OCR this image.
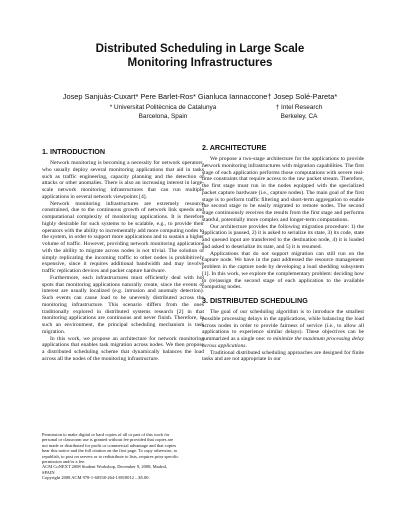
Distributed Scheduling in Large Scale
Monitoring Infrastructures
Josep Sanjuàs-Cuxart* Pere Barlet-Ros* Gianluca Iannaccone† Josep Solé-Pareta*
* Universitat Politècnica de Catalunya
Barcelona, Spain
† Intel Research
Berkeley, CA
1. INTRODUCTION

Network monitoring is becoming a necessity for network operators, who usually deploy several monitoring applications that aid in tasks such as traffic engineering, capacity planning and the detection of attacks or other anomalies. There is also an increasing interest in large-scale network monitoring infrastructures that can run multiple applications in several network viewpoints [4].

Network monitoring infrastructures are extremely resource constrained, due to the continuous growth of network link speeds and computational complexity of monitoring applications. It is therefore highly desirable for such systems to be scalable, e.g., to provide their operators with the ability to incrementally add more computing nodes to the system, in order to support more applications and to sustain a higher volume of traffic. However, providing network monitoring applications with the ability to migrate across nodes is not trivial. The solution of simply replicating the incoming traffic to other nodes is prohibitively expensive, since it requires additional bandwidth and may involve traffic replication devices and packet capture hardware.

Furthermore, each infrastructures must efficiently deal with hot spots that monitoring applications naturally create, since the events of interest are usually localized (e.g. intrusion and anomaly detection). Such events can cause load to be unevenly distributed across the monitoring infrastructure. This scenario differs from the ones traditionally explored in distributed systems research [2] in that monitoring applications are continuous and never finish. Therefore, in such an environment, the principal scheduling mechanism is task migration.

In this work, we propose an architecture for network monitoring applications that enables task migration across nodes. We then propose a distributed scheduling scheme that dynamically balances the load across all the nodes of the monitoring infrastructure.

Permission to make digital or hard copies of all or part of this work for
personal or classroom use is granted without fee provided that copies are
not made or distributed for profit or commercial advantage and that copies
bear this notice and the full citation on the first page. To copy otherwise, to
republish, to post on servers or to redistribute to lists, requires prior specific
permission and/or a fee.
ACM CoNEXT 2008 Student Workshop, December 9, 2008, Madrid,
SPAIN
Copyright 2008 ACM 978-1-60558-264-1/08/0012 ...$5.00.
2. ARCHITECTURE

We propose a two-stage architecture for the applications to provide network monitoring infrastructures with migration capabilities. The first stage of each application performs those computations with severe real-time constraints that require access to the raw packet stream. Therefore, the first stage must run in the nodes equipped with the specialized packet capture hardware (i.e., capture nodes). The main goal of the first stage is to perform traffic filtering and short-term aggregation to enable the second stage to be easily migrated to remote nodes. The second stage continuously receives the results from the first stage and performs stateful, potentially more complex and longer-term computations.

Our architecture provides the following migration procedure: 1) the application is paused, 2) it is asked to serialize its state, 3) its code, state and queued input are transferred to the destination node, 4) it is loaded and asked to deserialize its state, and 5) it is resumed.

Applications that do not support migration can still run on the capture node. We have in the past addressed the resource management problem in the capture node by developing a load shedding subsystem [1]. In this work, we explore the complementary problem: deciding how to (re)assign the second stage of each application to the available computing nodes.

3. DISTRIBUTED SCHEDULING

The goal of our scheduling algorithm is to introduce the smallest possible processing delays in the applications, while balancing the load across nodes in order to provide fairness of service (i.e., to allow all applications to experience similar delays). These objectives can be summarized as a single one: to minimize the maximum processing delay across applications.

Traditional distributed scheduling approaches are designed for finite tasks and are not appropriate in our
